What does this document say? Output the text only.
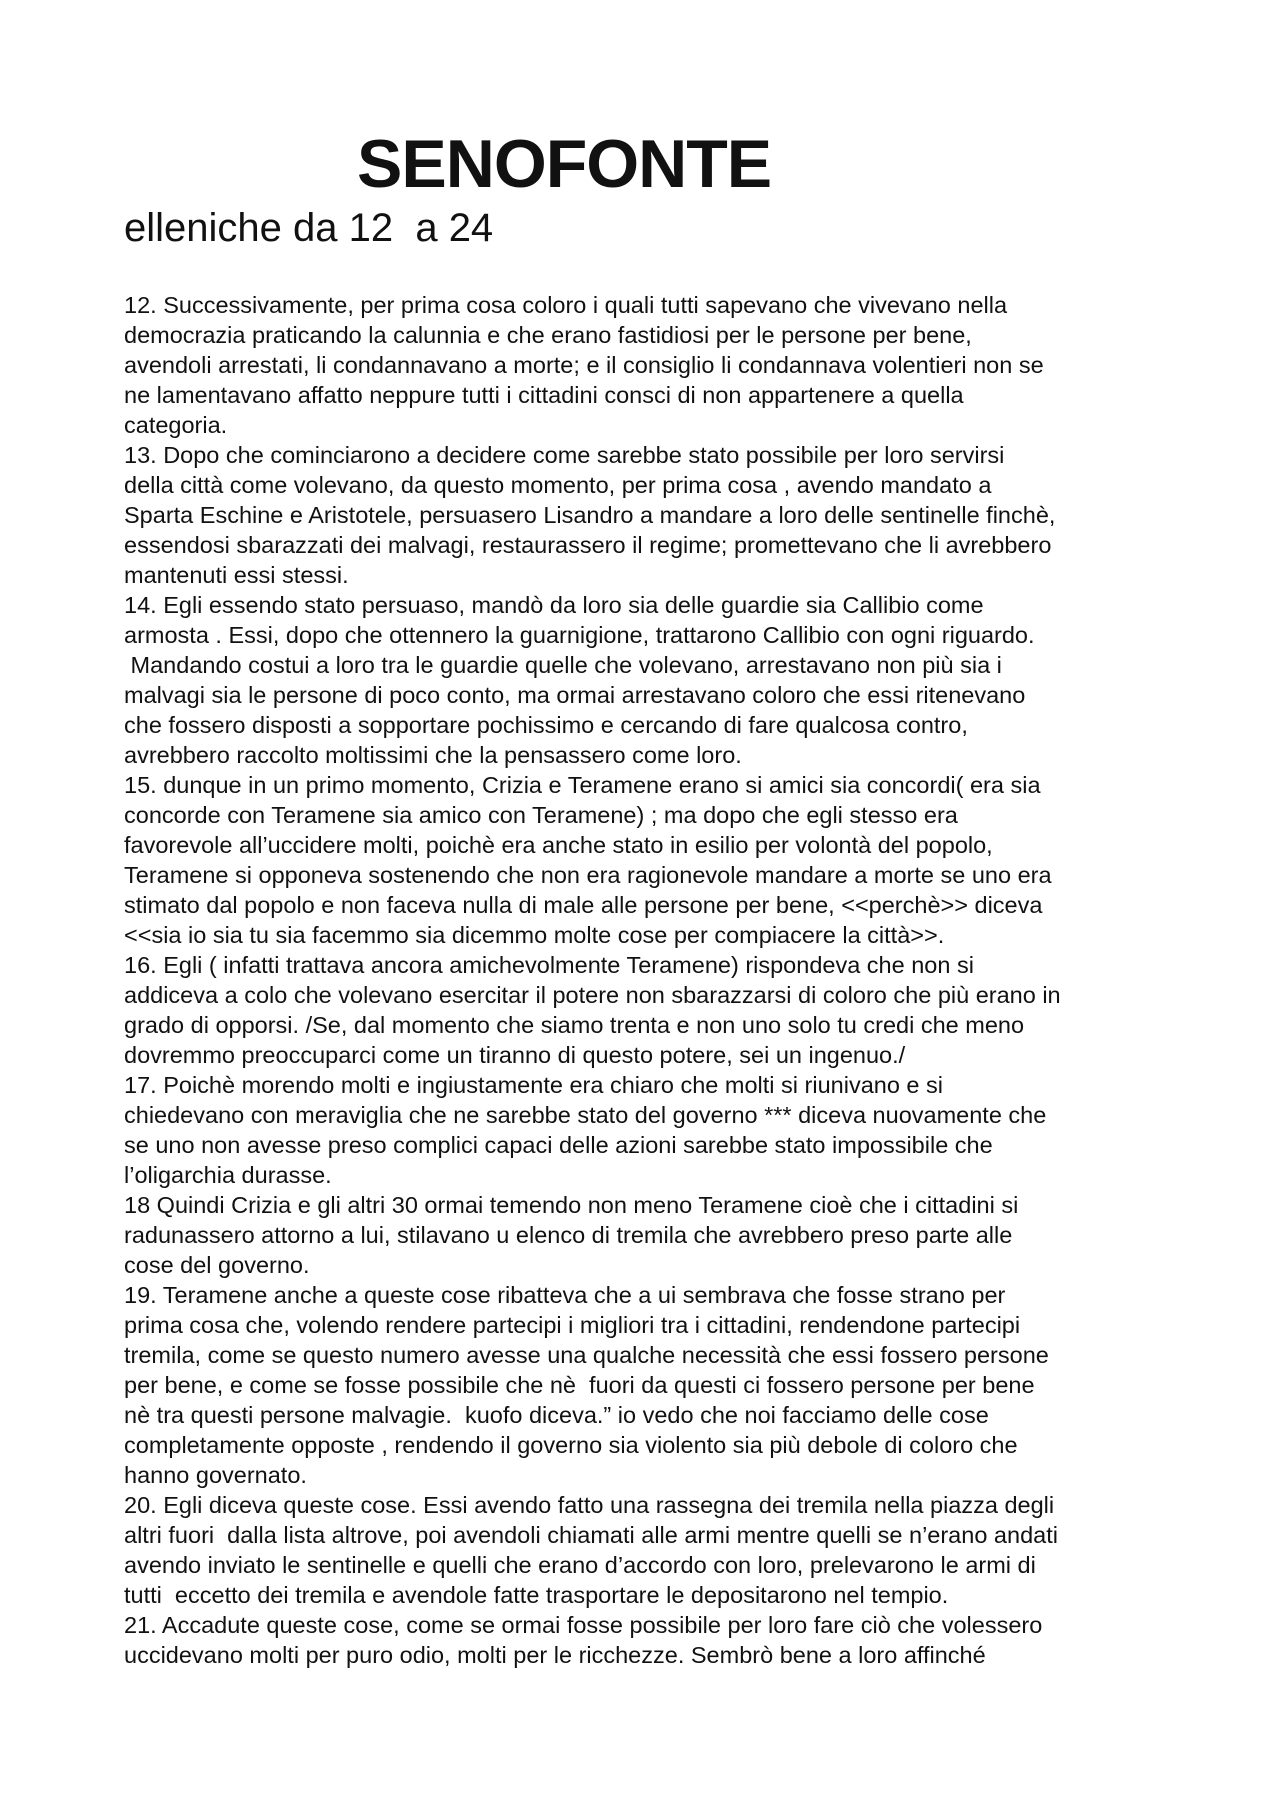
SENOFONTE
elleniche da 12  a 24
12. Successivamente, per prima cosa coloro i quali tutti sapevano che vivevano nella
democrazia praticando la calunnia e che erano fastidiosi per le persone per bene,
avendoli arrestati, li condannavano a morte; e il consiglio li condannava volentieri non se
ne lamentavano affatto neppure tutti i cittadini consci di non appartenere a quella
categoria.
13. Dopo che cominciarono a decidere come sarebbe stato possibile per loro servirsi
della città come volevano, da questo momento, per prima cosa , avendo mandato a
Sparta Eschine e Aristotele, persuasero Lisandro a mandare a loro delle sentinelle finchè,
essendosi sbarazzati dei malvagi, restaurassero il regime; promettevano che li avrebbero
mantenuti essi stessi.
14. Egli essendo stato persuaso, mandò da loro sia delle guardie sia Callibio come
armosta . Essi, dopo che ottennero la guarnigione, trattarono Callibio con ogni riguardo.
Mandando costui a loro tra le guardie quelle che volevano, arrestavano non più sia i
malvagi sia le persone di poco conto, ma ormai arrestavano coloro che essi ritenevano
che fossero disposti a sopportare pochissimo e cercando di fare qualcosa contro,
avrebbero raccolto moltissimi che la pensassero come loro.
15. dunque in un primo momento, Crizia e Teramene erano si amici sia concordi( era sia
concorde con Teramene sia amico con Teramene) ; ma dopo che egli stesso era
favorevole all’uccidere molti, poichè era anche stato in esilio per volontà del popolo,
Teramene si opponeva sostenendo che non era ragionevole mandare a morte se uno era
stimato dal popolo e non faceva nulla di male alle persone per bene, <<perchè>> diceva
<<sia io sia tu sia facemmo sia dicemmo molte cose per compiacere la città>>.
16. Egli ( infatti trattava ancora amichevolmente Teramene) rispondeva che non si
addiceva a colo che volevano esercitar il potere non sbarazzarsi di coloro che più erano in
grado di opporsi. /Se, dal momento che siamo trenta e non uno solo tu credi che meno
dovremmo preoccuparci come un tiranno di questo potere, sei un ingenuo./
17. Poichè morendo molti e ingiustamente era chiaro che molti si riunivano e si
chiedevano con meraviglia che ne sarebbe stato del governo *** diceva nuovamente che
se uno non avesse preso complici capaci delle azioni sarebbe stato impossibile che
l’oligarchia durasse.
18 Quindi Crizia e gli altri 30 ormai temendo non meno Teramene cioè che i cittadini si
radunassero attorno a lui, stilavano u elenco di tremila che avrebbero preso parte alle
cose del governo.
19. Teramene anche a queste cose ribatteva che a ui sembrava che fosse strano per
prima cosa che, volendo rendere partecipi i migliori tra i cittadini, rendendone partecipi
tremila, come se questo numero avesse una qualche necessità che essi fossero persone
per bene, e come se fosse possibile che nè  fuori da questi ci fossero persone per bene
nè tra questi persone malvagie.  kuofo diceva.” io vedo che noi facciamo delle cose
completamente opposte , rendendo il governo sia violento sia più debole di coloro che
hanno governato.
20. Egli diceva queste cose. Essi avendo fatto una rassegna dei tremila nella piazza degli
altri fuori  dalla lista altrove, poi avendoli chiamati alle armi mentre quelli se n’erano andati
avendo inviato le sentinelle e quelli che erano d’accordo con loro, prelevarono le armi di
tutti  eccetto dei tremila e avendole fatte trasportare le depositarono nel tempio.
21. Accadute queste cose, come se ormai fosse possibile per loro fare ciò che volessero
uccidevano molti per puro odio, molti per le ricchezze. Sembrò bene a loro affinché
